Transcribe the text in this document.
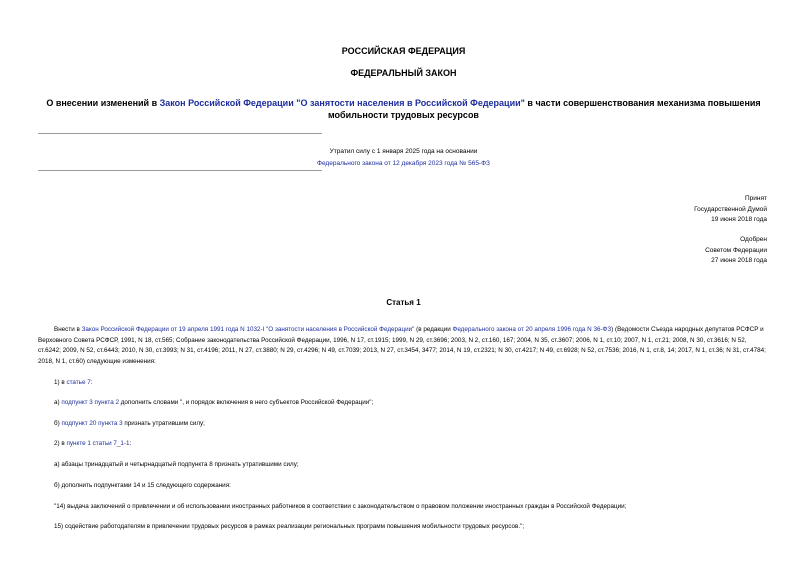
РОССИЙСКАЯ ФЕДЕРАЦИЯ
ФЕДЕРАЛЬНЫЙ ЗАКОН
О внесении изменений в Закон Российской Федерации "О занятости населения в Российской Федерации" в части совершенствования механизма повышения мобильности трудовых ресурсов
Утратил силу с 1 января 2025 года на основании
Федерального закона от 12 декабря 2023 года № 565-ФЗ
Принят
Государственной Думой
19 июня 2018 года
Одобрен
Советом Федерации
27 июня 2018 года
Статья 1
Внести в Закон Российской Федерации от 19 апреля 1991 года N 1032-I "О занятости населения в Российской Федерации" (в редакции Федерального закона от 20 апреля 1996 года N 36-ФЗ) (Ведомости Съезда народных депутатов РСФСР и Верховного Совета РСФСР, 1991, N 18, ст.565; Собрание законодательства Российской Федерации, 1996, N 17, ст.1915; 1999, N 29, ст.3696; 2003, N 2, ст.160, 167; 2004, N 35, ст.3607; 2006, N 1, ст.10; 2007, N 1, ст.21; 2008, N 30, ст.3616; N 52, ст.6242; 2009, N 52, ст.6443; 2010, N 30, ст.3993; N 31, ст.4196; 2011, N 27, ст.3880; N 29, ст.4296; N 49, ст.7039; 2013, N 27, ст.3454, 3477; 2014, N 19, ст.2321; N 30, ст.4217; N 49, ст.6928; N 52, ст.7536; 2016, N 1, ст.8, 14; 2017, N 1, ст.36; N 31, ст.4784; 2018, N 1, ст.60) следующие изменения:
1) в статье 7:
а) подпункт 3 пункта 2 дополнить словами ", и порядок включения в него субъектов Российской Федерации";
б) подпункт 20 пункта 3 признать утратившим силу;
2) в пункте 1 статьи 7_1-1:
а) абзацы тринадцатый и четырнадцатый подпункта 8 признать утратившими силу;
б) дополнить подпунктами 14 и 15 следующего содержания:
"14) выдача заключений о привлечении и об использовании иностранных работников в соответствии с законодательством о правовом положении иностранных граждан в Российской Федерации;
15) содействие работодателям в привлечении трудовых ресурсов в рамках реализации региональных программ повышения мобильности трудовых ресурсов.";
